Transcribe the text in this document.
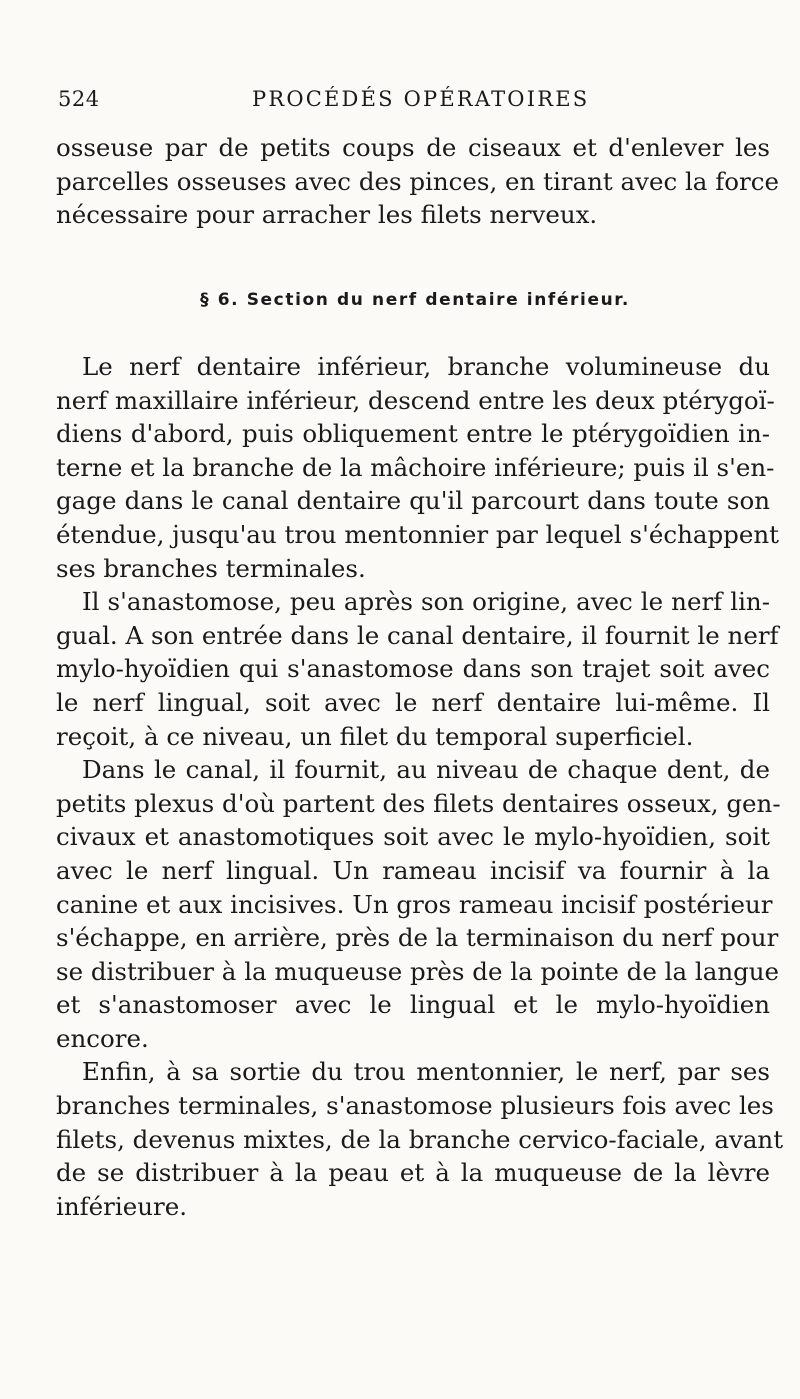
524	PROCÉDÉS OPÉRATOIRES

osseuse par de petits coups de ciseaux et d'enlever les
parcelles osseuses avec des pinces, en tirant avec la force
nécessaire pour arracher les filets nerveux.

§ 6. Section du nerf dentaire inférieur.

Le nerf dentaire inférieur, branche volumineuse du
nerf maxillaire inférieur, descend entre les deux ptérygoï-
diens d'abord, puis obliquement entre le ptérygoïdien in-
terne et la branche de la mâchoire inférieure; puis il s'en-
gage dans le canal dentaire qu'il parcourt dans toute son
étendue, jusqu'au trou mentonnier par lequel s'échappent
ses branches terminales.

Il s'anastomose, peu après son origine, avec le nerf lin-
gual. A son entrée dans le canal dentaire, il fournit le nerf
mylo-hyoïdien qui s'anastomose dans son trajet soit avec
le nerf lingual, soit avec le nerf dentaire lui-même. Il
reçoit, à ce niveau, un filet du temporal superficiel.

Dans le canal, il fournit, au niveau de chaque dent, de
petits plexus d'où partent des filets dentaires osseux, gen-
civaux et anastomotiques soit avec le mylo-hyoïdien, soit
avec le nerf lingual. Un rameau incisif va fournir à la
canine et aux incisives. Un gros rameau incisif postérieur
s'échappe, en arrière, près de la terminaison du nerf pour
se distribuer à la muqueuse près de la pointe de la langue
et s'anastomoser avec le lingual et le mylo-hyoïdien
encore.

Enfin, à sa sortie du trou mentonnier, le nerf, par ses
branches terminales, s'anastomose plusieurs fois avec les
filets, devenus mixtes, de la branche cervico-faciale, avant
de se distribuer à la peau et à la muqueuse de la lèvre
inférieure.
